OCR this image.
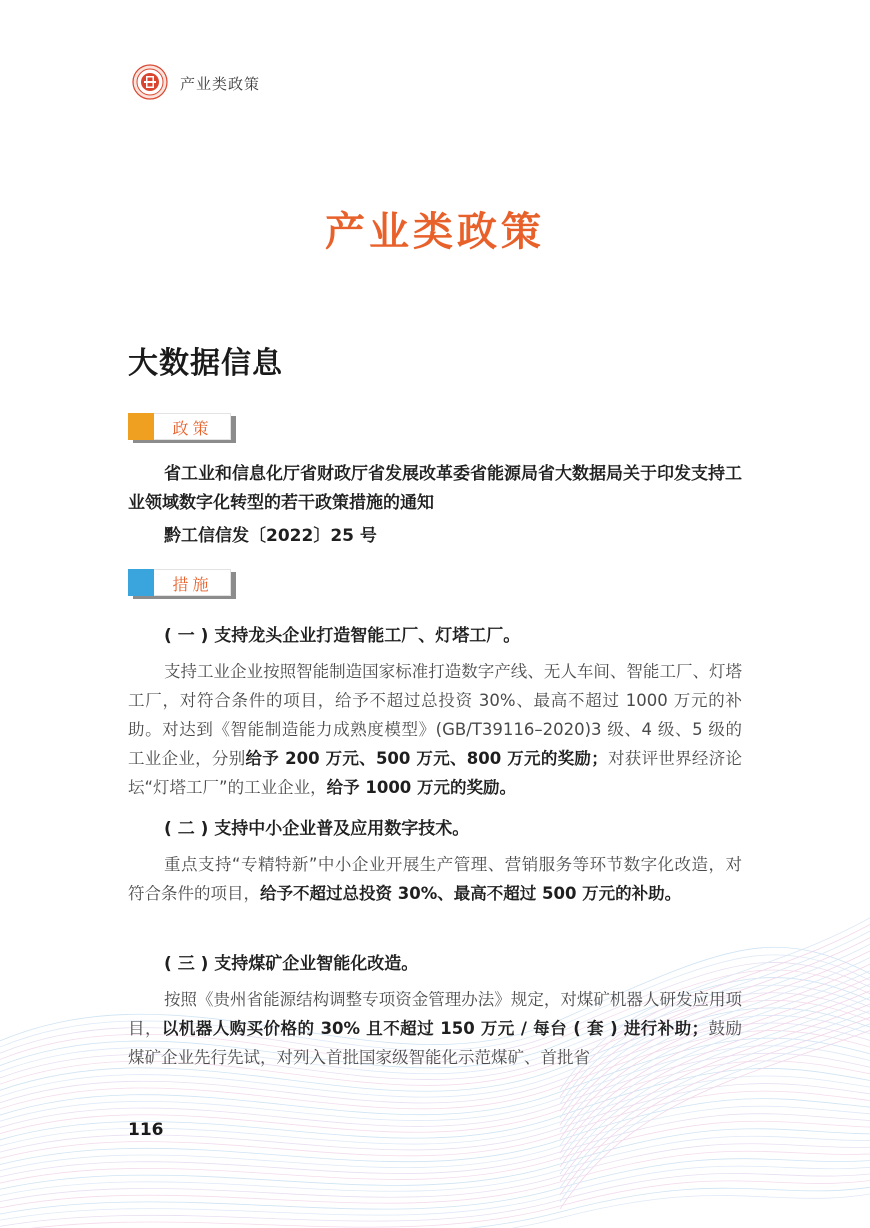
产业类政策
产业类政策
大数据信息
政策
省工业和信息化厅省财政厅省发展改革委省能源局省大数据局关于印发支持工业领域数字化转型的若干政策措施的通知
黔工信信发〔2022〕25 号
措施
( 一 ) 支持龙头企业打造智能工厂、灯塔工厂。
支持工业企业按照智能制造国家标准打造数字产线、无人车间、智能工厂、灯塔工厂，对符合条件的项目，给予不超过总投资 30%、最高不超过 1000 万元的补助。对达到《智能制造能力成熟度模型》(GB/T39116–2020)3 级、4 级、5 级的工业企业，分别给予 200 万元、500 万元、800 万元的奖励；对获评世界经济论坛“灯塔工厂”的工业企业，给予 1000 万元的奖励。
( 二 ) 支持中小企业普及应用数字技术。
重点支持“专精特新”中小企业开展生产管理、营销服务等环节数字化改造，对符合条件的项目，给予不超过总投资 30%、最高不超过 500 万元的补助。
( 三 ) 支持煤矿企业智能化改造。
按照《贵州省能源结构调整专项资金管理办法》规定，对煤矿机器人研发应用项目，以机器人购买价格的 30% 且不超过 150 万元 / 每台 ( 套 ) 进行补助；鼓励煤矿企业先行先试，对列入首批国家级智能化示范煤矿、首批省
116
